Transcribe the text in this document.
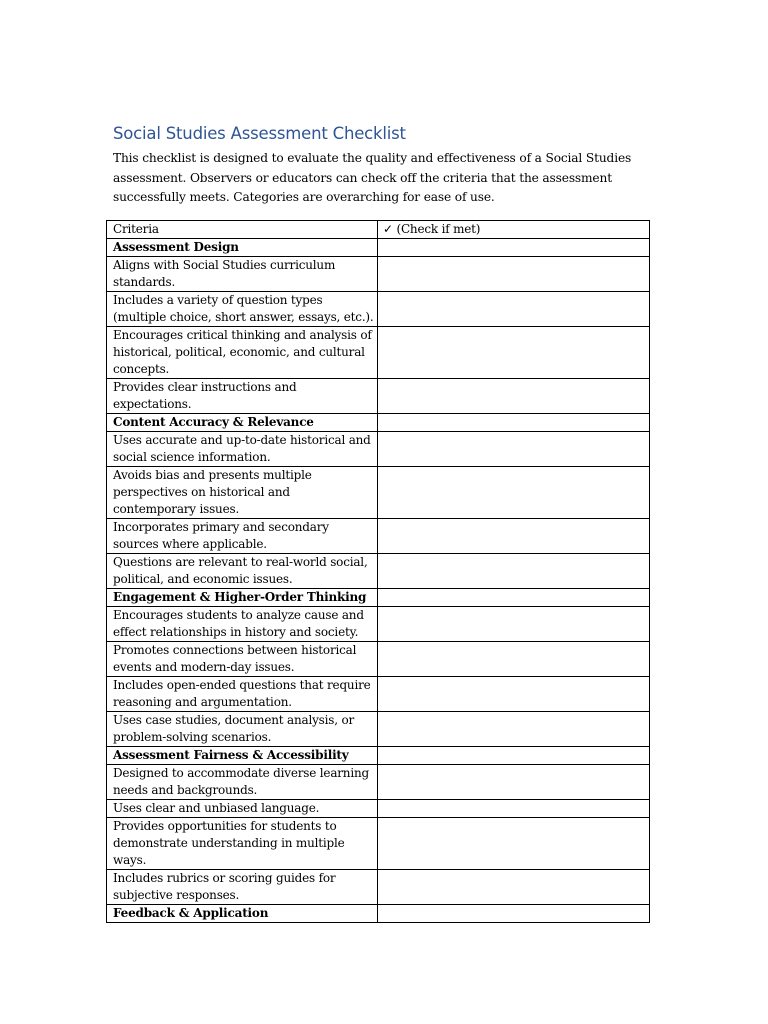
Social Studies Assessment Checklist
This checklist is designed to evaluate the quality and effectiveness of a Social Studies assessment. Observers or educators can check off the criteria that the assessment successfully meets. Categories are overarching for ease of use.
Criteria	✓ (Check if met)
Assessment Design	
Aligns with Social Studies curriculum standards.	
Includes a variety of question types (multiple choice, short answer, essays, etc.).	
Encourages critical thinking and analysis of historical, political, economic, and cultural concepts.	
Provides clear instructions and expectations.	
Content Accuracy & Relevance	
Uses accurate and up-to-date historical and social science information.	
Avoids bias and presents multiple perspectives on historical and contemporary issues.	
Incorporates primary and secondary sources where applicable.	
Questions are relevant to real-world social, political, and economic issues.	
Engagement & Higher-Order Thinking	
Encourages students to analyze cause and effect relationships in history and society.	
Promotes connections between historical events and modern-day issues.	
Includes open-ended questions that require reasoning and argumentation.	
Uses case studies, document analysis, or problem-solving scenarios.	
Assessment Fairness & Accessibility	
Designed to accommodate diverse learning needs and backgrounds.	
Uses clear and unbiased language.	
Provides opportunities for students to demonstrate understanding in multiple ways.	
Includes rubrics or scoring guides for subjective responses.	
Feedback & Application	
